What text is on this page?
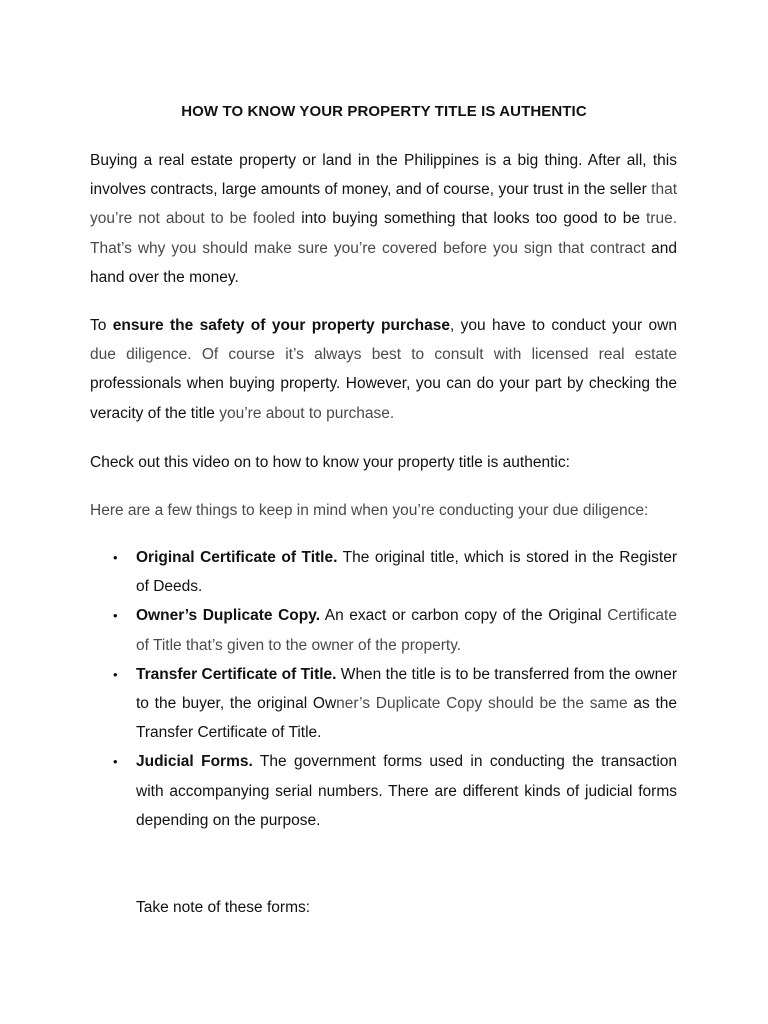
HOW TO KNOW YOUR PROPERTY TITLE IS AUTHENTIC
Buying a real estate property or land in the Philippines is a big thing. After all, this involves contracts, large amounts of money, and of course, your trust in the seller that you’re not about to be fooled into buying something that looks too good to be true. That’s why you should make sure you’re covered before you sign that contract and hand over the money.
To ensure the safety of your property purchase, you have to conduct your own due diligence. Of course it’s always best to consult with licensed real estate professionals when buying property. However, you can do your part by checking the veracity of the title you’re about to purchase.
Check out this video on to how to know your property title is authentic:
Here are a few things to keep in mind when you’re conducting your due diligence:
• Original Certificate of Title. The original title, which is stored in the Register of Deeds.
• Owner’s Duplicate Copy. An exact or carbon copy of the Original Certificate of Title that’s given to the owner of the property.
• Transfer Certificate of Title. When the title is to be transferred from the owner to the buyer, the original Owner’s Duplicate Copy should be the same as the Transfer Certificate of Title.
• Judicial Forms. The government forms used in conducting the transaction with accompanying serial numbers. There are different kinds of judicial forms depending on the purpose.
Take note of these forms:
